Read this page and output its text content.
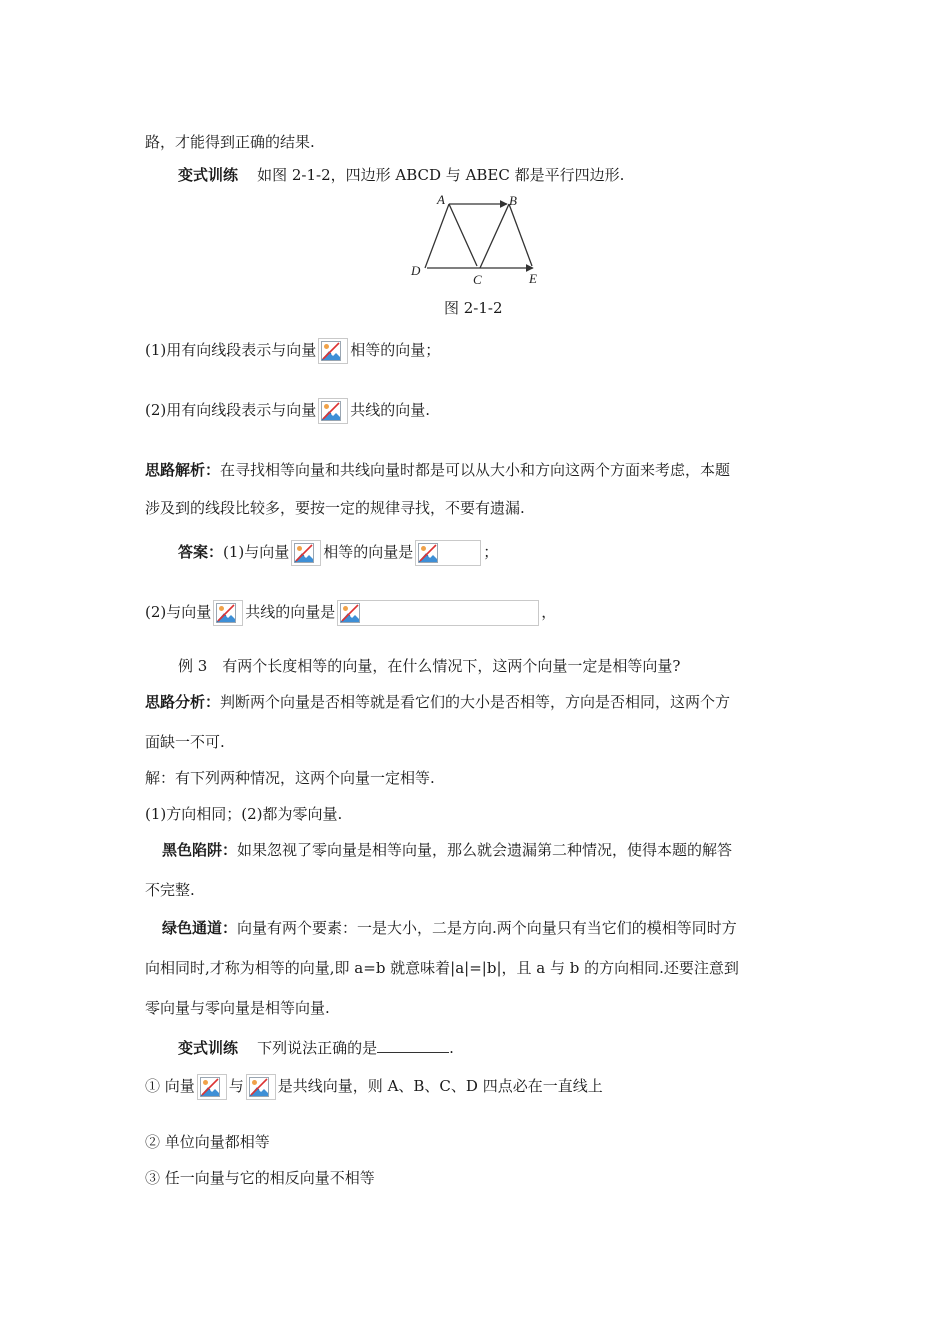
路，才能得到正确的结果.
变式训练 如图 2-1-2，四边形 ABCD 与 ABEC 都是平行四边形.
A	B
C
D
E
图 2-1-2
(1)用有向线段表示与向量 相等的向量；
(2)用有向线段表示与向量 共线的向量.
思路解析：在寻找相等向量和共线向量时都是可以从大小和方向这两个方面来考虑，本题
涉及到的线段比较多，要按一定的规律寻找，不要有遗漏.
答案：(1)与向量 相等的向量是	；
(2)与向量 共线的向量是	，
例 3　有两个长度相等的向量，在什么情况下，这两个向量一定是相等向量?
思路分析：判断两个向量是否相等就是看它们的大小是否相等，方向是否相同，这两个方
面缺一不可.
解：有下列两种情况，这两个向量一定相等.
(1)方向相同；(2)都为零向量.
黑色陷阱：如果忽视了零向量是相等向量，那么就会遗漏第二种情况，使得本题的解答
不完整.
绿色通道：向量有两个要素：一是大小，二是方向.两个向量只有当它们的模相等同时方
向相同时,才称为相等的向量,即 a=b 就意味着|a|=|b|，且 a 与 b 的方向相同.还要注意到
零向量与零向量是相等向量.
变式训练 下列说法正确的是	.
① 向量 与 是共线向量，则 A、B、C、D 四点必在一直线上
② 单位向量都相等
③ 任一向量与它的相反向量不相等
